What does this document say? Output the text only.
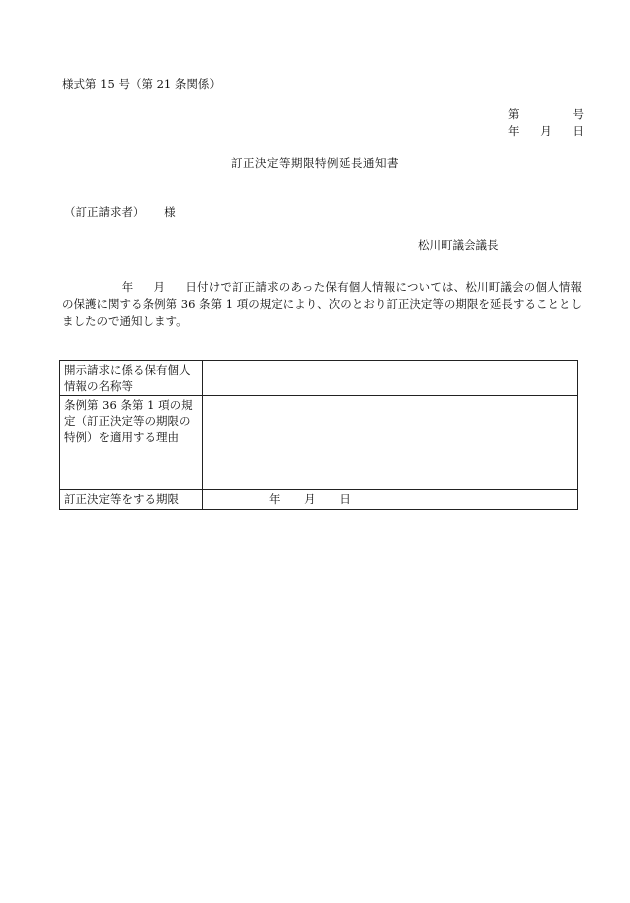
様式第 15 号（第 21 条関係）
第	号
年 月 日
訂正決定等期限特例延長通知書
（訂正請求者） 様
松川町議会議長
年 月 日付けで訂正請求のあった保有個人情報については、松川町議会の個人情報の保護に関する条例第 36 条第 1 項の規定により、次のとおり訂正決定等の期限を延長することとしましたので通知します。
開示請求に係る保有個人情報の名称等	
条例第 36 条第 1 項の規定（訂正決定等の期限の特例）を適用する理由	
訂正決定等をする期限	年 月 日
